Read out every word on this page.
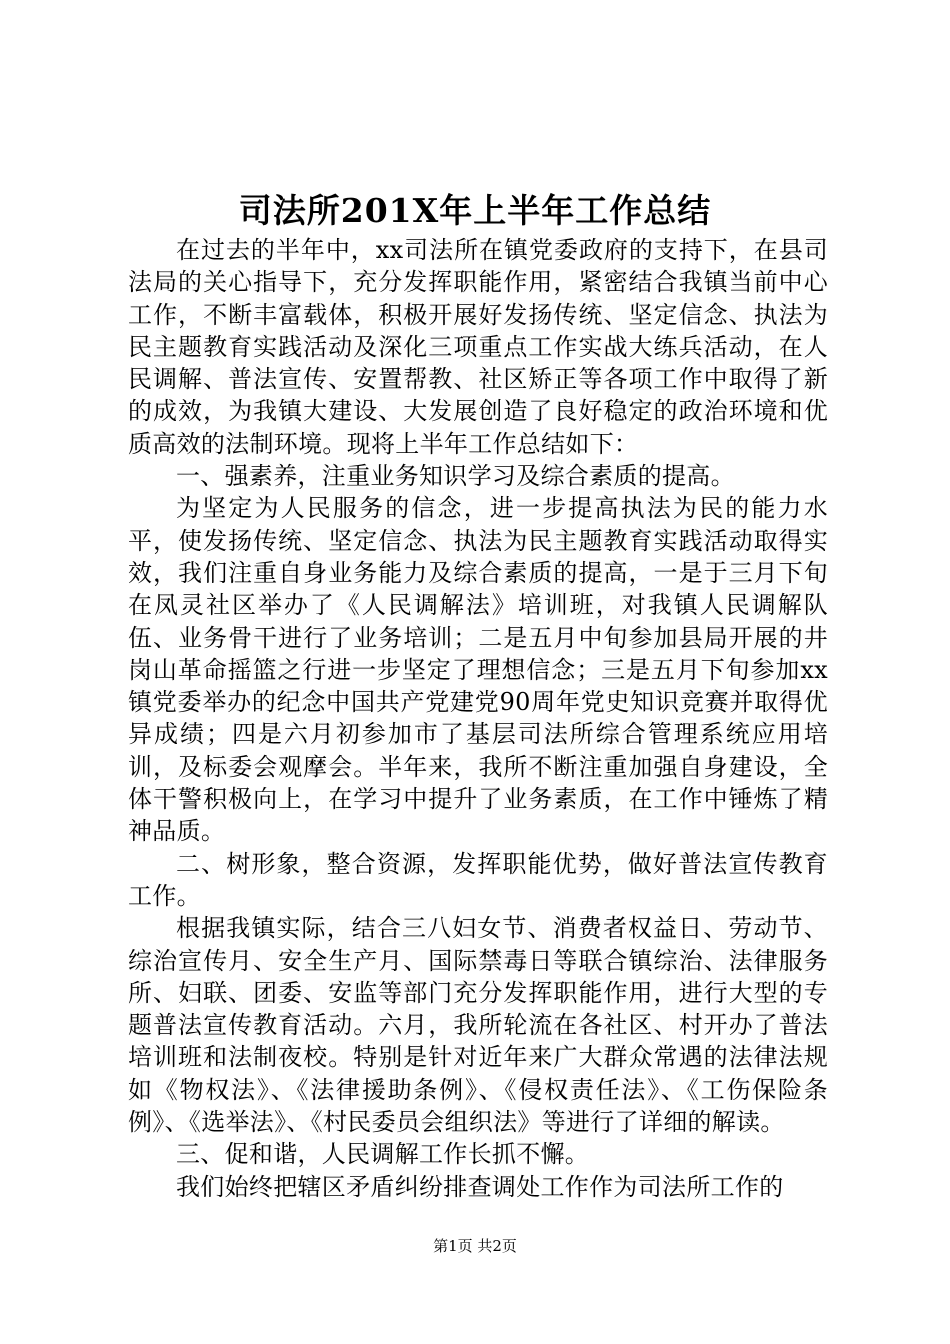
司法所201X年上半年工作总结

在过去的半年中，xx司法所在镇党委政府的支持下，在县司法局的关心指导下，充分发挥职能作用，紧密结合我镇当前中心工作，不断丰富载体，积极开展好发扬传统、坚定信念、执法为民主题教育实践活动及深化三项重点工作实战大练兵活动，在人民调解、普法宣传、安置帮教、社区矫正等各项工作中取得了新的成效，为我镇大建设、大发展创造了良好稳定的政治环境和优质高效的法制环境。现将上半年工作总结如下：

一、强素养，注重业务知识学习及综合素质的提高。

为坚定为人民服务的信念，进一步提高执法为民的能力水平，使发扬传统、坚定信念、执法为民主题教育实践活动取得实效，我们注重自身业务能力及综合素质的提高，一是于三月下旬在凤灵社区举办了《人民调解法》培训班，对我镇人民调解队伍、业务骨干进行了业务培训；二是五月中旬参加县局开展的井岗山革命摇篮之行进一步坚定了理想信念；三是五月下旬参加xx镇党委举办的纪念中国共产党建党90周年党史知识竞赛并取得优异成绩；四是六月初参加市了基层司法所综合管理系统应用培训，及标委会观摩会。半年来，我所不断注重加强自身建设，全体干警积极向上，在学习中提升了业务素质，在工作中锤炼了精神品质。

二、树形象，整合资源，发挥职能优势，做好普法宣传教育工作。

根据我镇实际，结合三八妇女节、消费者权益日、劳动节、综治宣传月、安全生产月、国际禁毒日等联合镇综治、法律服务所、妇联、团委、安监等部门充分发挥职能作用，进行大型的专题普法宣传教育活动。六月，我所轮流在各社区、村开办了普法培训班和法制夜校。特别是针对近年来广大群众常遇的法律法规如《物权法》、《法律援助条例》、《侵权责任法》、《工伤保险条例》、《选举法》、《村民委员会组织法》等进行了详细的解读。

三、促和谐，人民调解工作长抓不懈。

我们始终把辖区矛盾纠纷排查调处工作作为司法所工作的

第1页 共2页
